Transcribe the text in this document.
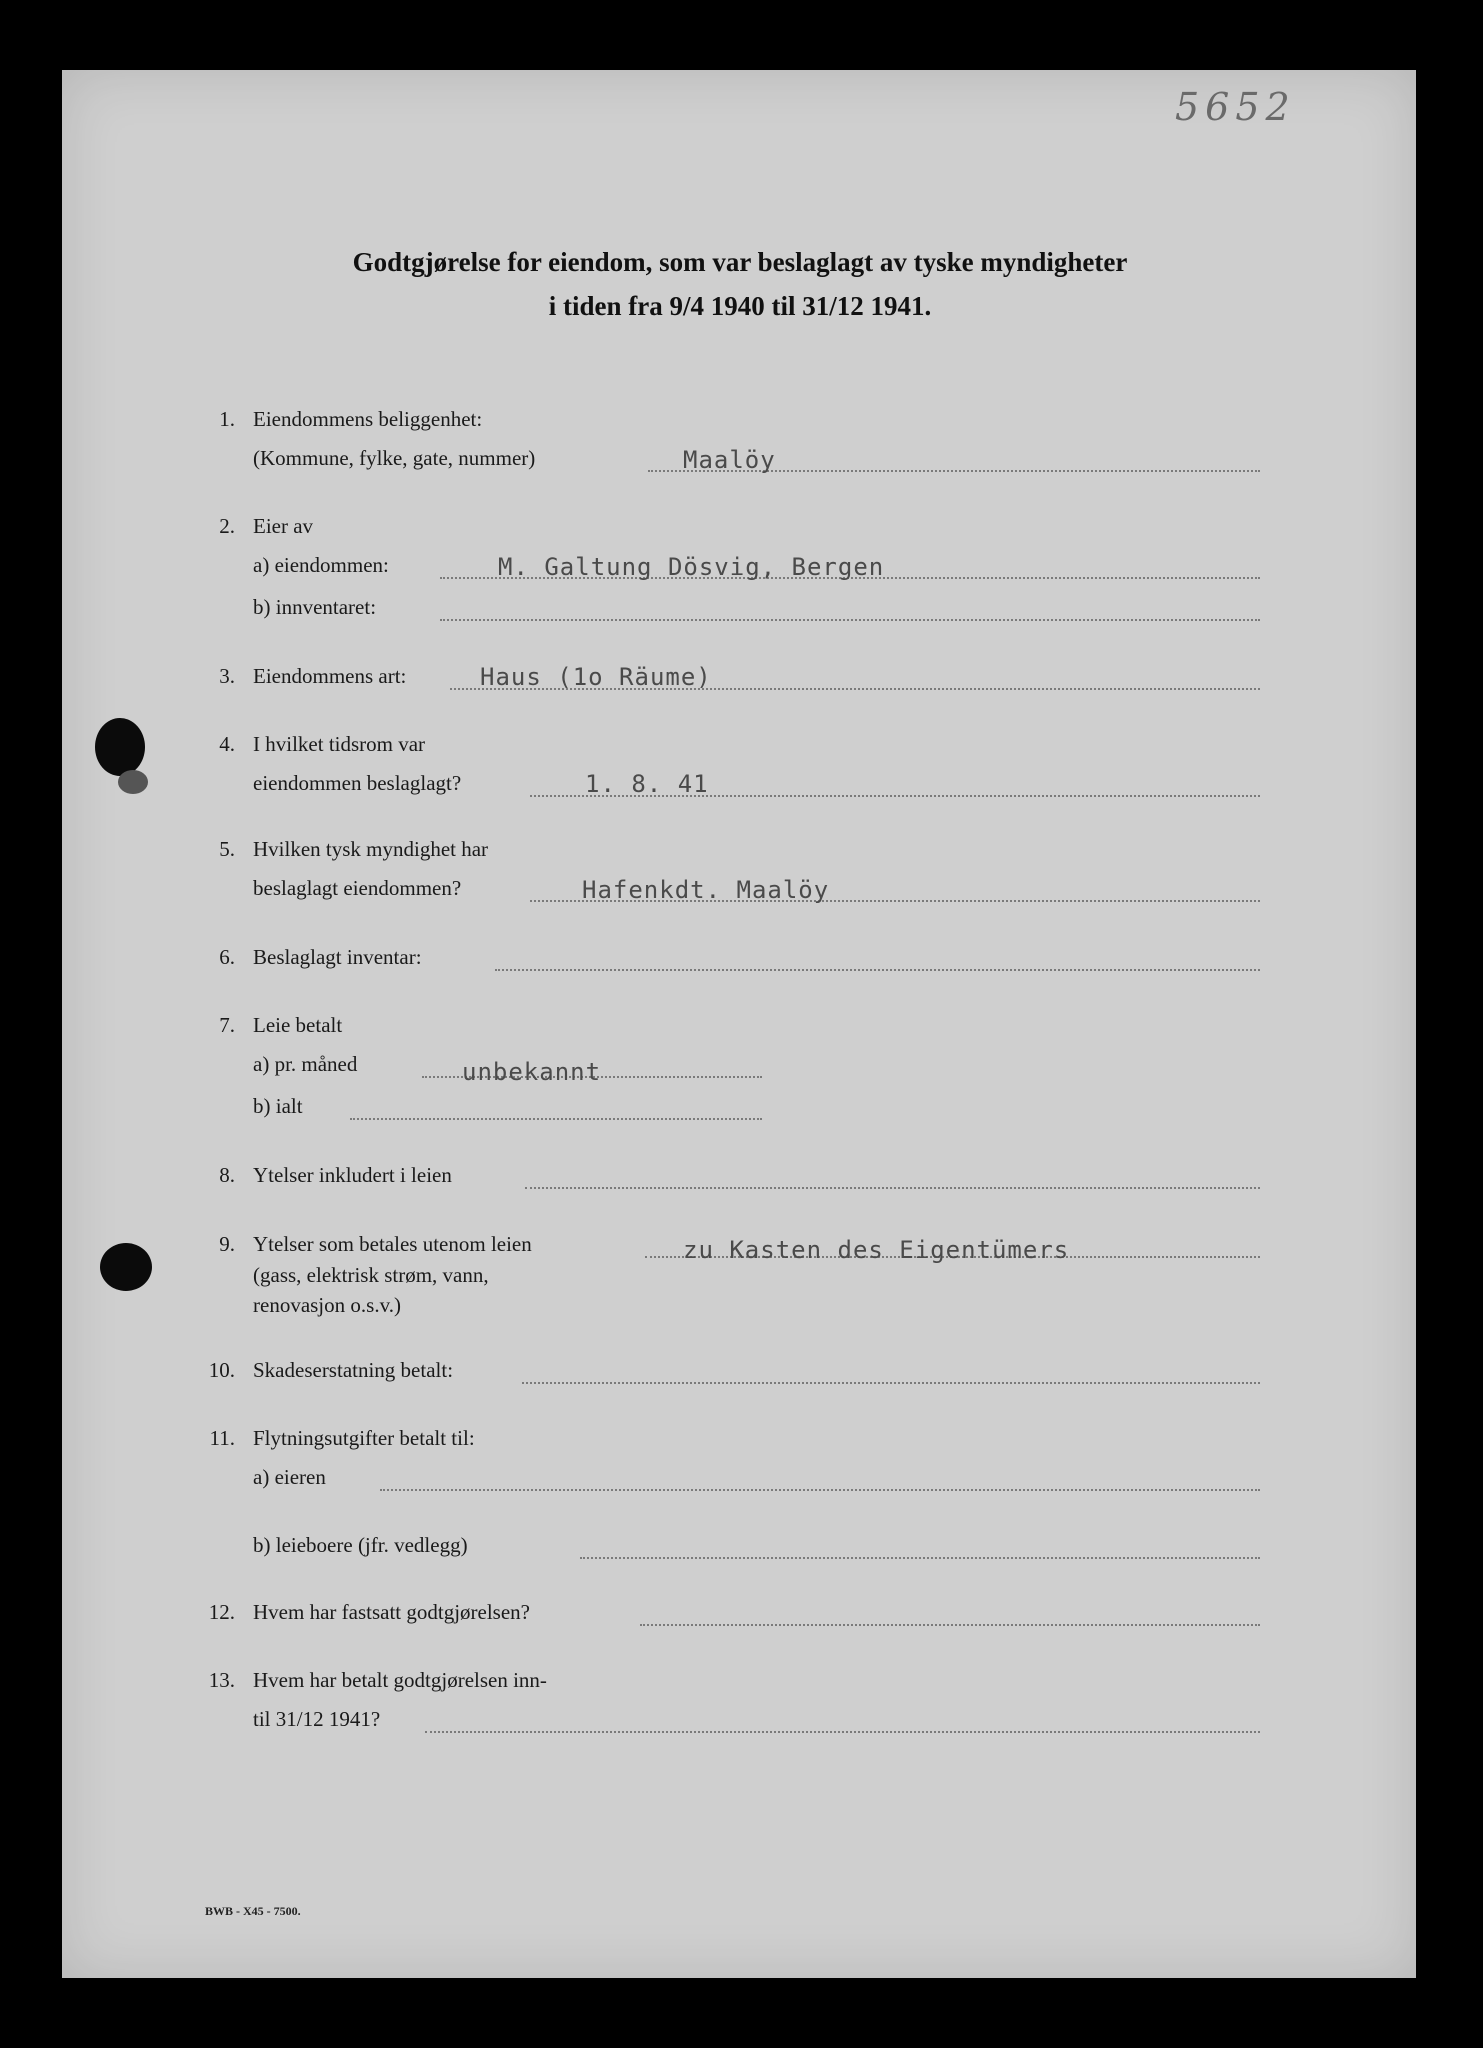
5652
Godtgjørelse for eiendom, som var beslaglagt av tyske myndigheter
i tiden fra 9/4 1940 til 31/12 1941.
1. Eiendommens beliggenhet:
(Kommune, fylke, gate, nummer)	Maalöy
2. Eier av
a) eiendommen:	M. Galtung Dösvig, Bergen
b) innventaret:
3. Eiendommens art:	Haus (1o Räume)
4. I hvilket tidsrom var
eiendommen beslaglagt?	1. 8. 41
5. Hvilken tysk myndighet har
beslaglagt eiendommen?	Hafenkdt. Maalöy
6. Beslaglagt inventar:
7. Leie betalt
a) pr. måned	unbekannt
b) ialt
8. Ytelser inkludert i leien
9. Ytelser som betales utenom leien
(gass, elektrisk strøm, vann,
renovasjon o.s.v.)
zu Kasten des Eigentümers
10. Skadeserstatning betalt:
11. Flytningsutgifter betalt til:
a) eieren
b) leieboere (jfr. vedlegg)
12. Hvem har fastsatt godtgjørelsen?
13. Hvem har betalt godtgjørelsen inn-
til 31/12 1941?
BWB - X45 - 7500.
